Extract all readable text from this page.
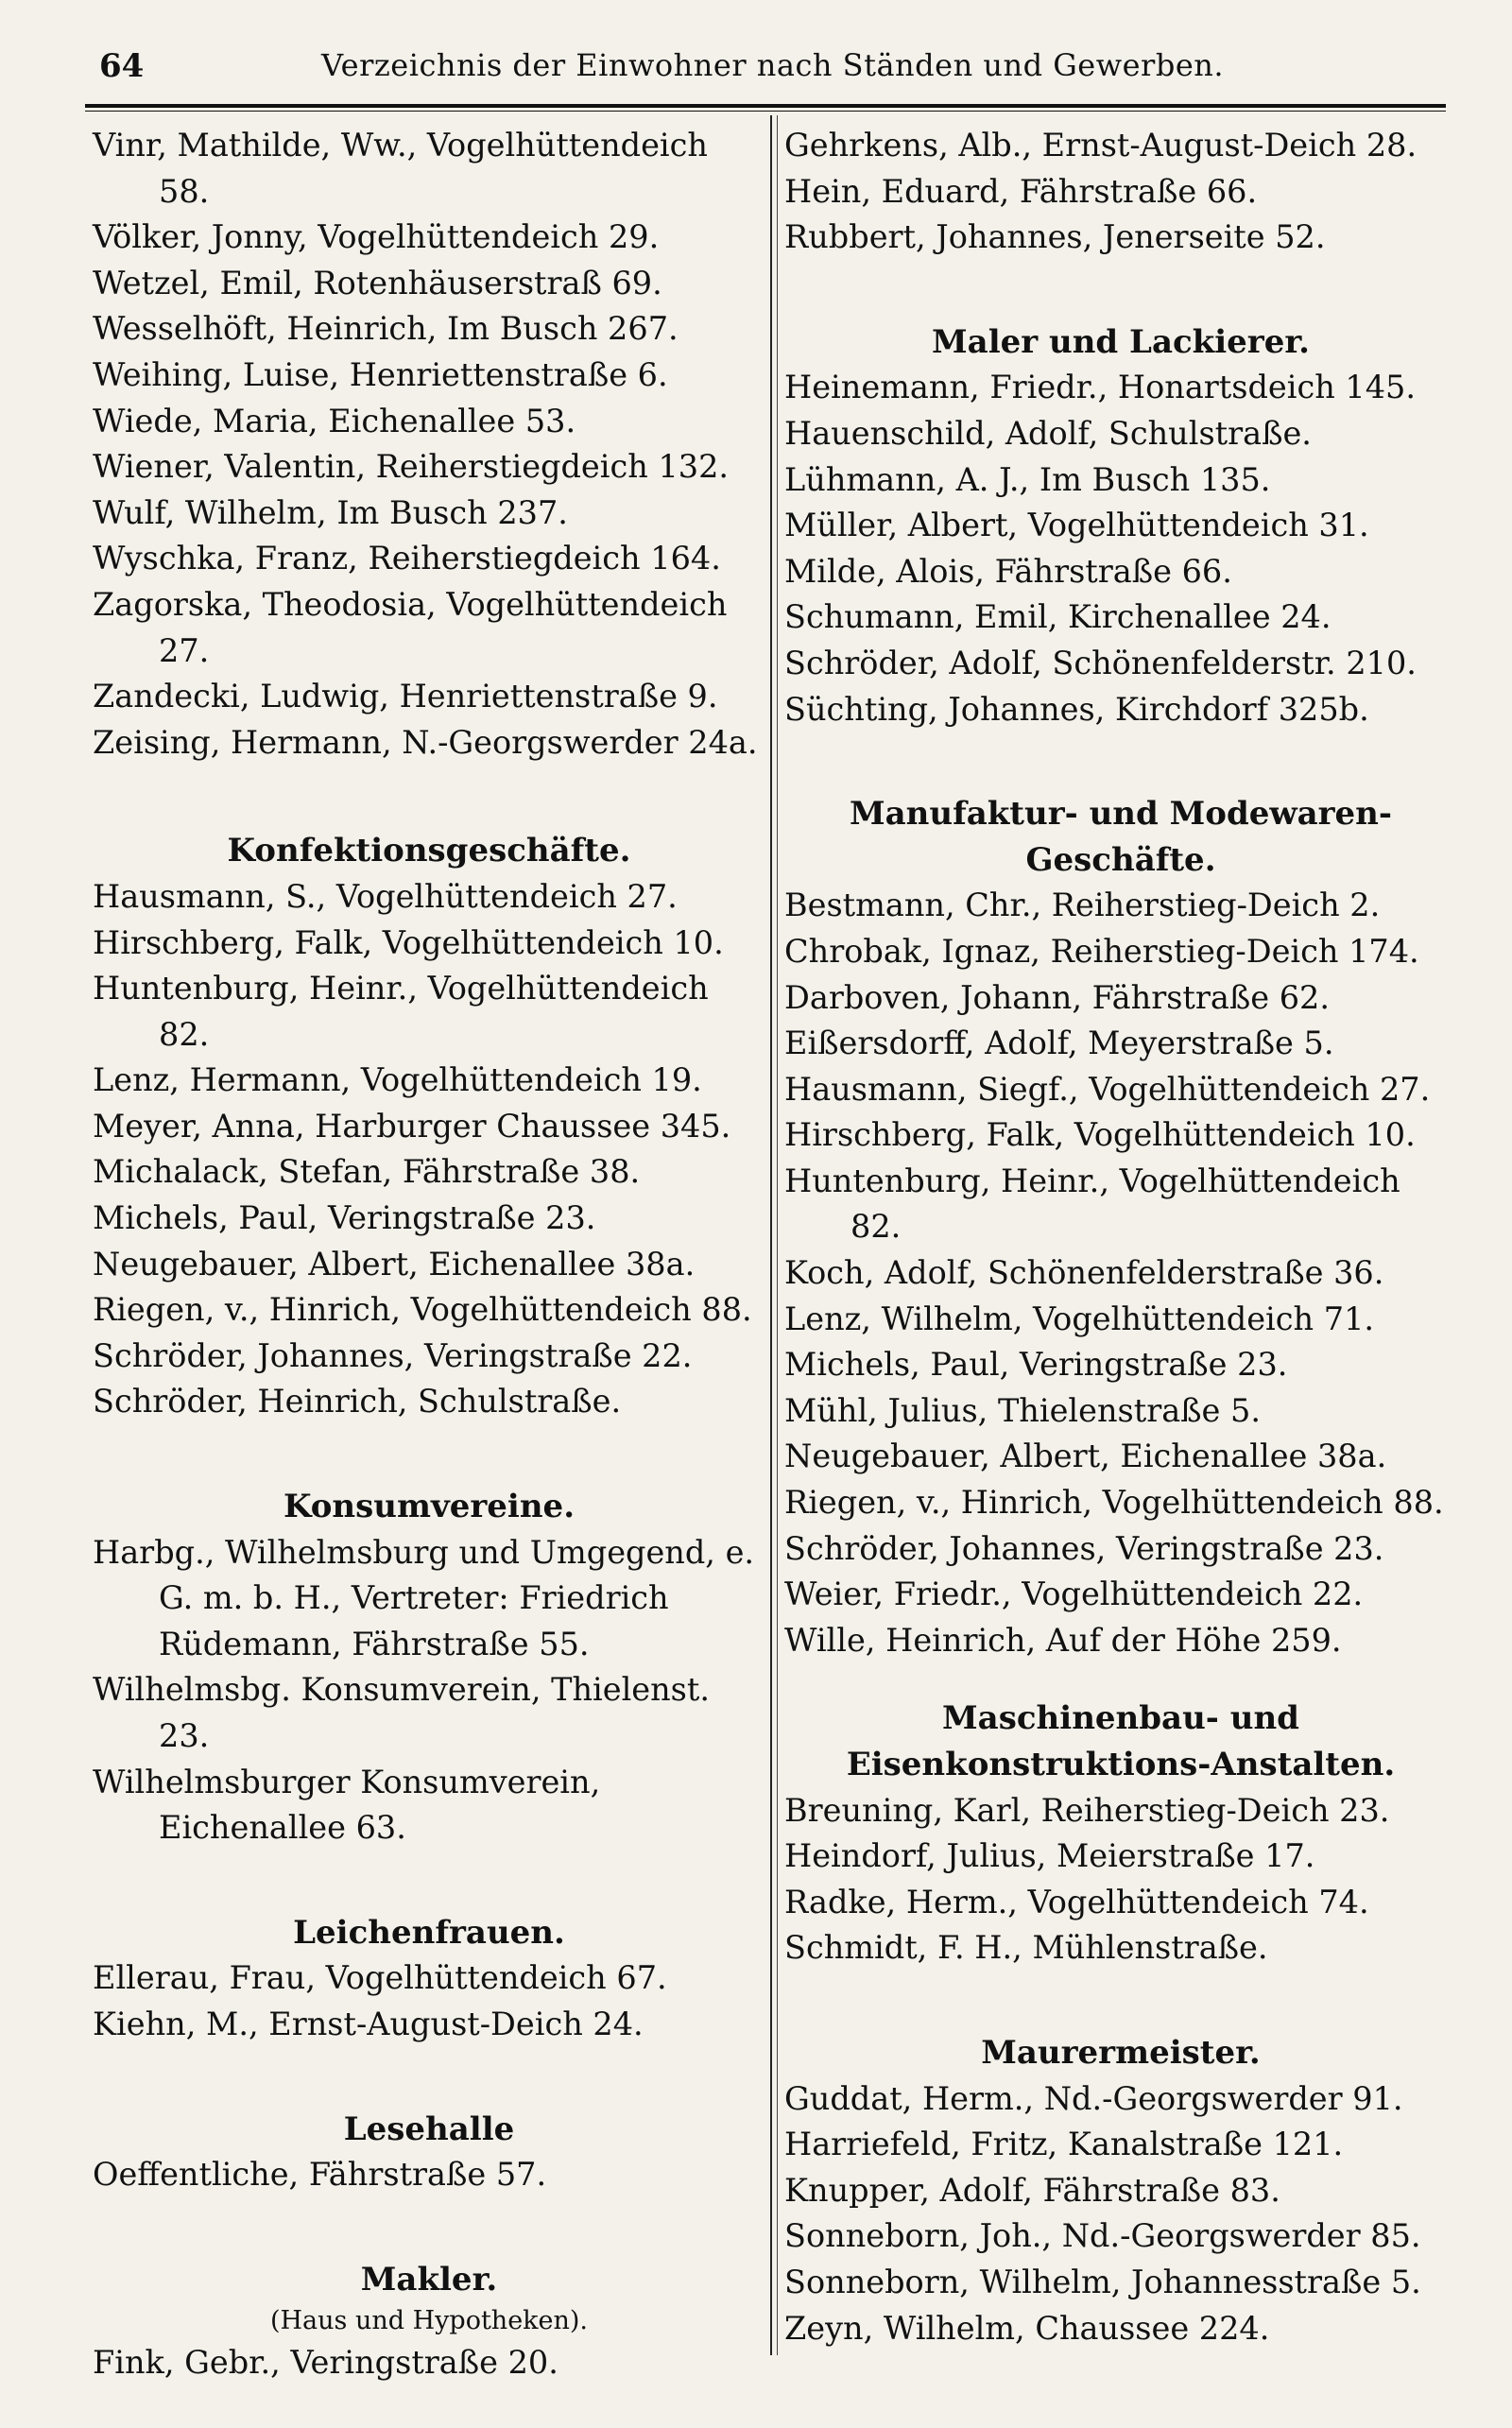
64	Verzeichnis der Einwohner nach Ständen und Gewerben.
Vinr, Mathilde, Ww., Vogelhüttendeich 58.
Völker, Jonny, Vogelhüttendeich 29.
Wetzel, Emil, Rotenhäuserstraß 69.
Wesselhöft, Heinrich, Im Busch 267.
Weihing, Luise, Henriettenstraße 6.
Wiede, Maria, Eichenallee 53.
Wiener, Valentin, Reiherstiegdeich 132.
Wulf, Wilhelm, Im Busch 237.
Wyschka, Franz, Reiherstiegdeich 164.
Zagorska, Theodosia, Vogelhüttendeich 27.
Zandecki, Ludwig, Henriettenstraße 9.
Zeising, Hermann, N.-Georgswerder 24a.
Konfektionsgeschäfte.
Hausmann, S., Vogelhüttendeich 27.
Hirschberg, Falk, Vogelhüttendeich 10.
Huntenburg, Heinr., Vogelhüttendeich 82.
Lenz, Hermann, Vogelhüttendeich 19.
Meyer, Anna, Harburger Chaussee 345.
Michalack, Stefan, Fährstraße 38.
Michels, Paul, Veringstraße 23.
Neugebauer, Albert, Eichenallee 38a.
Riegen, v., Hinrich, Vogelhüttendeich 88.
Schröder, Johannes, Veringstraße 22.
Schröder, Heinrich, Schulstraße.
Konsumvereine.
Harbg., Wilhelmsburg und Umgegend, e. G. m. b. H., Vertreter: Friedrich Rüdemann, Fährstraße 55.
Wilhelmsbg. Konsumverein, Thielenst. 23.
Wilhelmsburger Konsumverein, Eichenallee 63.
Leichenfrauen.
Ellerau, Frau, Vogelhüttendeich 67.
Kiehn, M., Ernst-August-Deich 24.
Lesehalle
Oeffentliche, Fährstraße 57.
Makler.
(Haus und Hypotheken).
Fink, Gebr., Veringstraße 20.
Gehrkens, Alb., Ernst-August-Deich 28.
Hein, Eduard, Fährstraße 66.
Rubbert, Johannes, Jenerseite 52.
Maler und Lackierer.
Heinemann, Friedr., Honartsdeich 145.
Hauenschild, Adolf, Schulstraße.
Lühmann, A. J., Im Busch 135.
Müller, Albert, Vogelhüttendeich 31.
Milde, Alois, Fährstraße 66.
Schumann, Emil, Kirchenallee 24.
Schröder, Adolf, Schönenfelderstr. 210.
Süchting, Johannes, Kirchdorf 325b.
Manufaktur- und Modewaren-Geschäfte.
Bestmann, Chr., Reiherstieg-Deich 2.
Chrobak, Ignaz, Reiherstieg-Deich 174.
Darboven, Johann, Fährstraße 62.
Eißersdorff, Adolf, Meyerstraße 5.
Hausmann, Siegf., Vogelhüttendeich 27.
Hirschberg, Falk, Vogelhüttendeich 10.
Huntenburg, Heinr., Vogelhüttendeich 82.
Koch, Adolf, Schönenfelderstraße 36.
Lenz, Wilhelm, Vogelhüttendeich 71.
Michels, Paul, Veringstraße 23.
Mühl, Julius, Thielenstraße 5.
Neugebauer, Albert, Eichenallee 38a.
Riegen, v., Hinrich, Vogelhüttendeich 88.
Schröder, Johannes, Veringstraße 23.
Weier, Friedr., Vogelhüttendeich 22.
Wille, Heinrich, Auf der Höhe 259.
Maschinenbau- und Eisenkonstruktions-Anstalten.
Breuning, Karl, Reiherstieg-Deich 23.
Heindorf, Julius, Meierstraße 17.
Radke, Herm., Vogelhüttendeich 74.
Schmidt, F. H., Mühlenstraße.
Maurermeister.
Guddat, Herm., Nd.-Georgswerder 91.
Harriefeld, Fritz, Kanalstraße 121.
Knupper, Adolf, Fährstraße 83.
Sonneborn, Joh., Nd.-Georgswerder 85.
Sonneborn, Wilhelm, Johannesstraße 5.
Zeyn, Wilhelm, Chaussee 224.
